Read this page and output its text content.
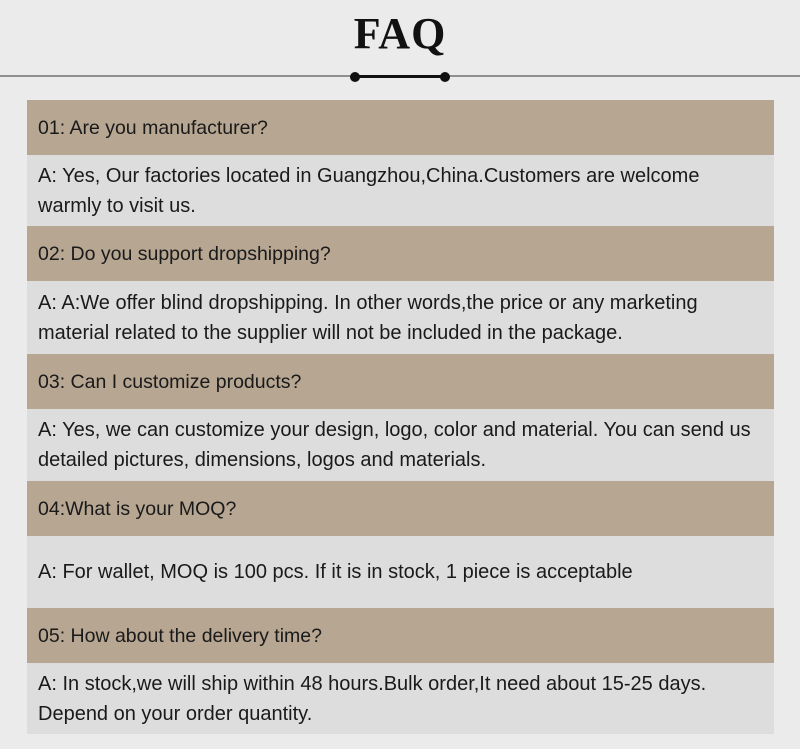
FAQ
01: Are you manufacturer?
A: Yes, Our factories located in Guangzhou,China.Customers are welcome warmly to visit us.
02: Do you support dropshipping?
A: A:We offer blind dropshipping. In other words,the price or any marketing material related to the supplier will not be included in the package.
03: Can I customize products?
A: Yes, we can customize your design, logo, color and material. You can send us detailed pictures, dimensions, logos and materials.
04:What is your MOQ?
A: For wallet, MOQ is 100 pcs. If it is in stock, 1 piece is acceptable
05: How about the delivery time?
A: In stock,we will ship within 48 hours.Bulk order,It need about 15-25 days. Depend on your order quantity.
